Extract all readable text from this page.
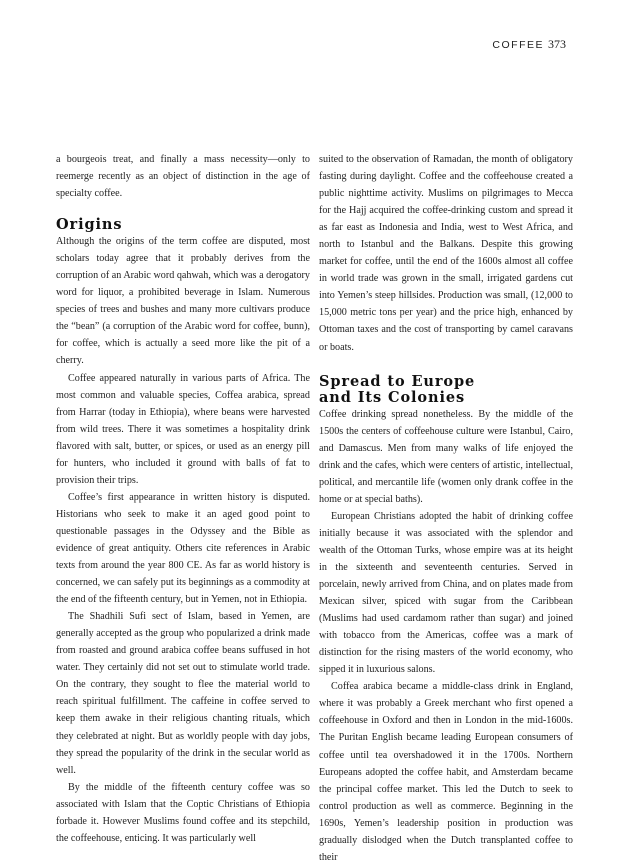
COFFEE 373

a bourgeois treat, and finally a mass necessity—only to reemerge recently as an object of distinction in the age of specialty coffee.

Origins

Although the origins of the term coffee are disputed, most scholars today agree that it probably derives from the corruption of an Arabic word qahwah, which was a derogatory word for liquor, a prohibited beverage in Islam. Numerous species of trees and bushes and many more cultivars produce the “bean” (a corruption of the Arabic word for coffee, bunn), for coffee, which is actually a seed more like the pit of a cherry.

Coffee appeared naturally in various parts of Africa. The most common and valuable species, Coffea arabica, spread from Harrar (today in Ethiopia), where beans were harvested from wild trees. There it was sometimes a hospitality drink flavored with salt, butter, or spices, or used as an energy pill for hunters, who included it ground with balls of fat to provision their trips.

Coffee’s first appearance in written history is disputed. Historians who seek to make it an aged good point to questionable passages in the Odyssey and the Bible as evidence of great antiquity. Others cite references in Arabic texts from around the year 800 CE. As far as world history is concerned, we can safely put its beginnings as a commodity at the end of the fifteenth century, but in Yemen, not in Ethiopia.

The Shadhili Sufi sect of Islam, based in Yemen, are generally accepted as the group who popularized a drink made from roasted and ground arabica coffee beans suffused in hot water. They certainly did not set out to stimulate world trade. On the contrary, they sought to flee the material world to reach spiritual fulfillment. The caffeine in coffee served to keep them awake in their religious chanting rituals, which they celebrated at night. But as worldly people with day jobs, they spread the popularity of the drink in the secular world as well.

By the middle of the fifteenth century coffee was so associated with Islam that the Coptic Christians of Ethiopia forbade it. However Muslims found coffee and its stepchild, the coffeehouse, enticing. It was particularly well

suited to the observation of Ramadan, the month of obligatory fasting during daylight. Coffee and the coffeehouse created a public nighttime activity. Muslims on pilgrimages to Mecca for the Hajj acquired the coffee-drinking custom and spread it as far east as Indonesia and India, west to West Africa, and north to Istanbul and the Balkans. Despite this growing market for coffee, until the end of the 1600s almost all coffee in world trade was grown in the small, irrigated gardens cut into Yemen’s steep hillsides. Production was small, (12,000 to 15,000 metric tons per year) and the price high, enhanced by Ottoman taxes and the cost of transporting by camel caravans or boats.

Spread to Europe
and Its Colonies

Coffee drinking spread nonetheless. By the middle of the 1500s the centers of coffeehouse culture were Istanbul, Cairo, and Damascus. Men from many walks of life enjoyed the drink and the cafes, which were centers of artistic, intellectual, political, and mercantile life (women only drank coffee in the home or at special baths).

European Christians adopted the habit of drinking coffee initially because it was associated with the splendor and wealth of the Ottoman Turks, whose empire was at its height in the sixteenth and seventeenth centuries. Served in porcelain, newly arrived from China, and on plates made from Mexican silver, spiced with sugar from the Caribbean (Muslims had used cardamom rather than sugar) and joined with tobacco from the Americas, coffee was a mark of distinction for the rising masters of the world economy, who sipped it in luxurious salons.

Coffea arabica became a middle-class drink in England, where it was probably a Greek merchant who first opened a coffeehouse in Oxford and then in London in the mid-1600s. The Puritan English became leading European consumers of coffee until tea overshadowed it in the 1700s. Northern Europeans adopted the coffee habit, and Amsterdam became the principal coffee market. This led the Dutch to seek to control production as well as commerce. Beginning in the 1690s, Yemen’s leadership position in production was gradually dislodged when the Dutch transplanted coffee to their
